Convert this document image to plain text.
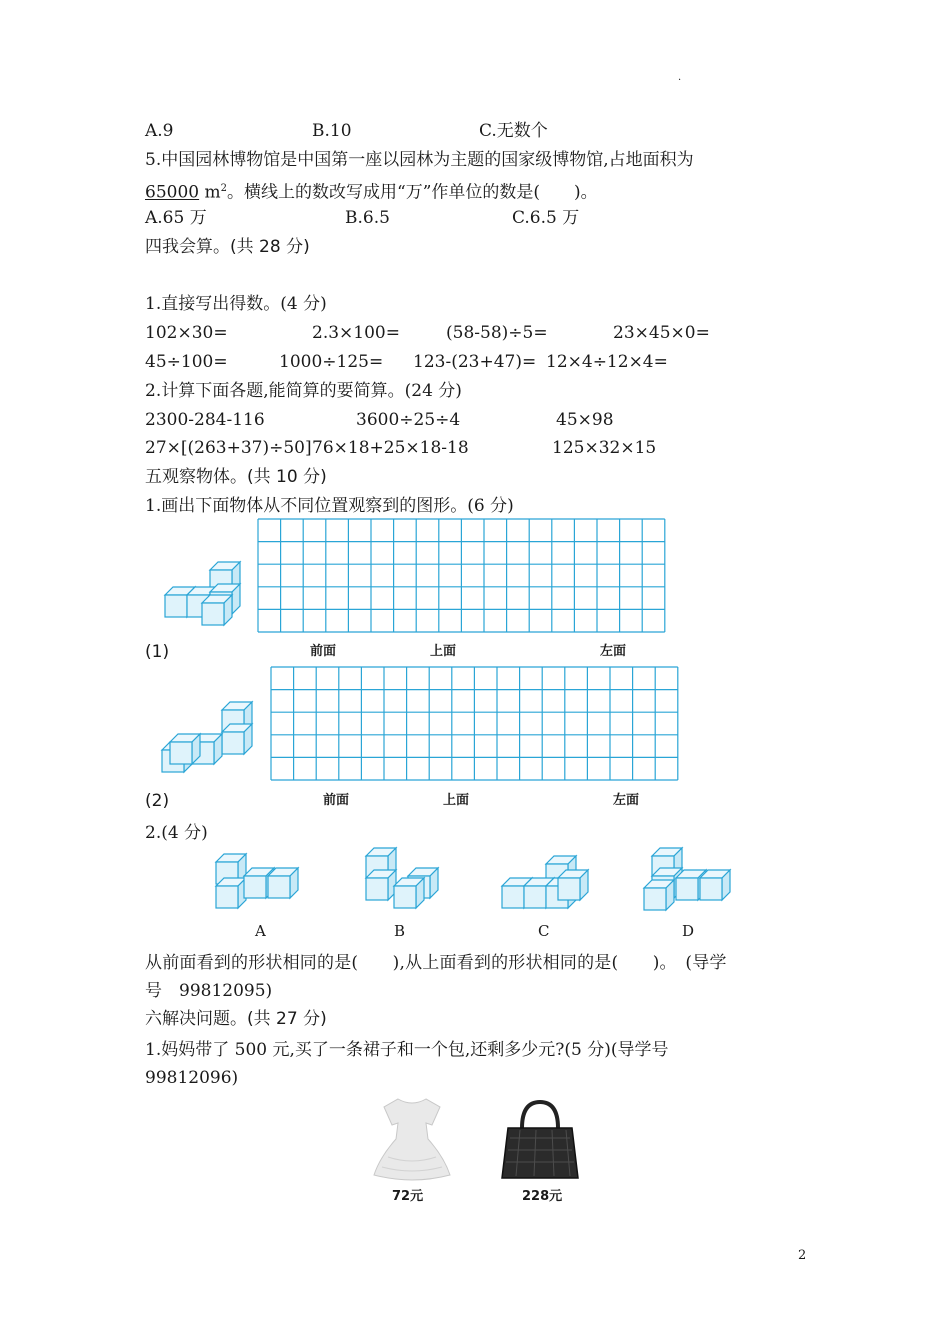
.
A.9	B.10	C.无数个
5.中国园林博物馆是中国第一座以园林为主题的国家级博物馆,占地面积为
65000 $m^2$。横线上的数改写成用“万”作单位的数是(　　)。
A.65 万	B.6.5	C.6.5 万
四我会算。(共 28 分)
1.直接写出得数。(4 分)
102×30=	2.3×100=	(58-58)÷5=	23×45×0=
45÷100=	1000÷125= 123-(23+47)= 12×4÷12×4=
2.计算下面各题,能简算的要简算。(24 分)
2300-284-116	3600÷25÷4	45×98
27×[(263+37)÷50] 76×18+25×18-18	125×32×15
五观察物体。(共 10 分)
1.画出下面物体从不同位置观察到的图形。(6 分)
前面	上面	左面
(1)
前面	上面	左面
(2)
2.(4 分)
A	B	C	D
从前面看到的形状相同的是(　　),从上面看到的形状相同的是(　　)。　(导学
号　99812095)
六解决问题。(共 27 分)
1.妈妈带了 500 元,买了一条裙子和一个包,还剩多少元?(5 分)(导学号
99812096)
72元	228元
2
